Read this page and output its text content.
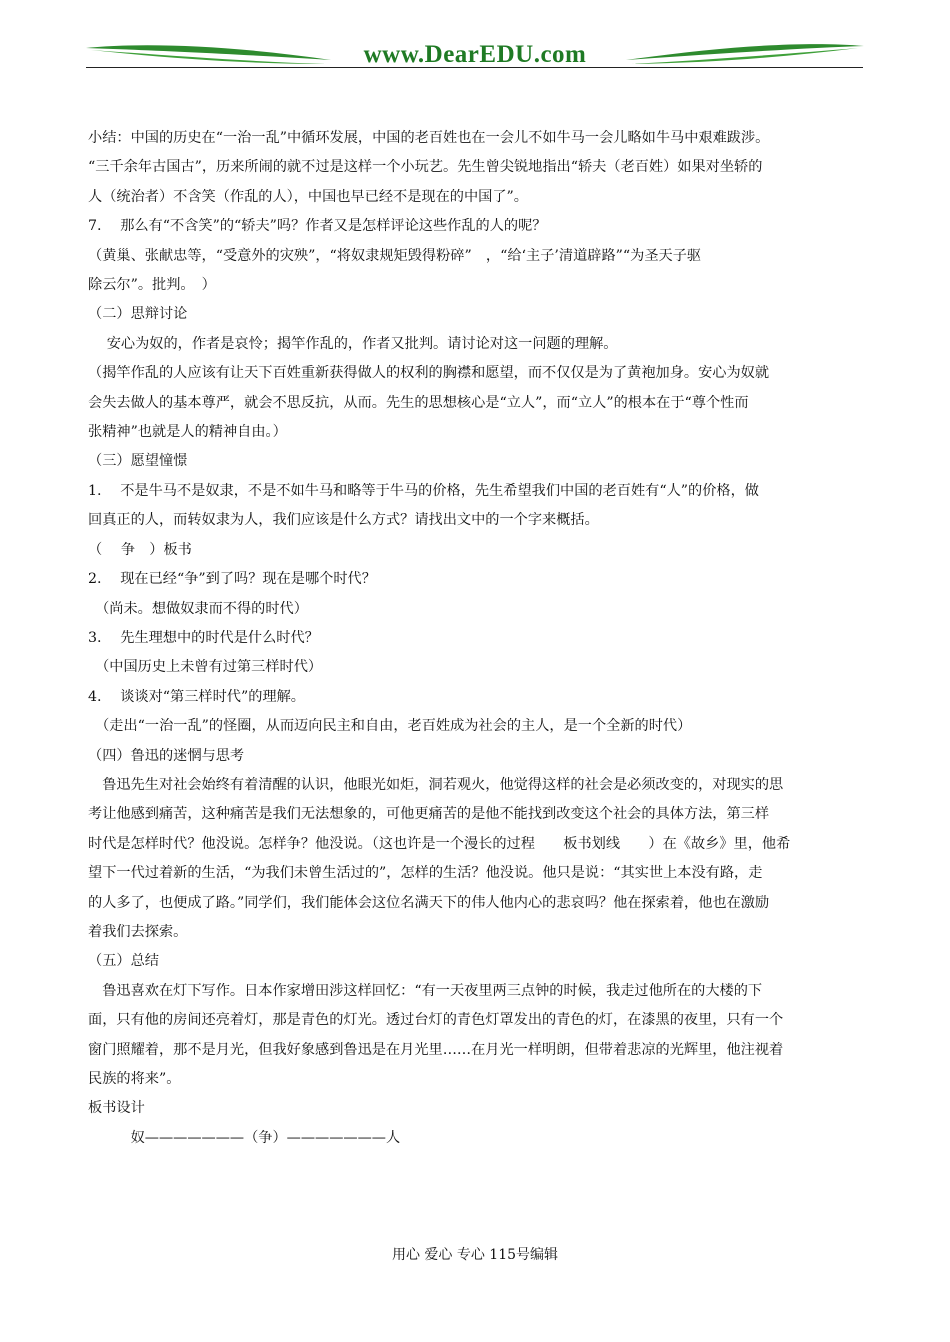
www.DearEDU.com
小结：中国的历史在“一治一乱”中循环发展，中国的老百姓也在一会儿不如牛马一会儿略如牛马中艰难跋涉。
“三千余年古国古”，历来所闹的就不过是这样一个小玩艺。先生曾尖锐地指出“轿夫（老百姓）如果对坐轿的
人（统治者）不含笑（作乱的人），中国也早已经不是现在的中国了”。
7.　 那么有“不含笑”的“轿夫”吗？作者又是怎样评论这些作乱的人的呢？
（黄巢、张献忠等，“受意外的灾殃”，“将奴隶规矩毁得粉碎”　，“给‘主子’清道辟路”“为圣天子驱
除云尔”。批判。　）
（二）思辩讨论
　 安心为奴的，作者是哀怜；揭竿作乱的，作者又批判。请讨论对这一问题的理解。
（揭竿作乱的人应该有让天下百姓重新获得做人的权利的胸襟和愿望，而不仅仅是为了黄袍加身。安心为奴就
会失去做人的基本尊严，就会不思反抗，从而。先生的思想核心是“立人”，而“立人”的根本在于“尊个性而
张精神”也就是人的精神自由。）
（三）愿望憧憬
1.　 不是牛马不是奴隶，不是不如牛马和略等于牛马的价格，先生希望我们中国的老百姓有“人”的价格，做
回真正的人，而转奴隶为人，我们应该是什么方式？请找出文中的一个字来概括。
（　 争　）板书
2.　 现在已经“争”到了吗？现在是哪个时代？
　（尚未。想做奴隶而不得的时代）
3.　 先生理想中的时代是什么时代？
　（中国历史上未曾有过第三样时代）
4.　 谈谈对“第三样时代”的理解。
　（走出“一治一乱”的怪圈，从而迈向民主和自由，老百姓成为社会的主人，是一个全新的时代）
（四）鲁迅的迷惘与思考
　鲁迅先生对社会始终有着清醒的认识，他眼光如炬，洞若观火，他觉得这样的社会是必须改变的，对现实的思
考让他感到痛苦，这种痛苦是我们无法想象的，可他更痛苦的是他不能找到改变这个社会的具体方法，第三样
时代是怎样时代？他没说。怎样争？他没说。（这也许是一个漫长的过程　　板书划线　　）在《故乡》里，他希
望下一代过着新的生活，“为我们未曾生活过的”，怎样的生活？他没说。他只是说：“其实世上本没有路，走
的人多了，也便成了路。”同学们，我们能体会这位名满天下的伟人他内心的悲哀吗？他在探索着，他也在激励
着我们去探索。
（五）总结
　鲁迅喜欢在灯下写作。日本作家增田涉这样回忆：“有一天夜里两三点钟的时候，我走过他所在的大楼的下
面，只有他的房间还亮着灯，那是青色的灯光。透过台灯的青色灯罩发出的青色的灯，在漆黑的夜里，只有一个
窗门照耀着，那不是月光，但我好象感到鲁迅是在月光里……在月光一样明朗，但带着悲凉的光辉里，他注视着
民族的将来”。
板书设计
　　　奴———————（争）———————人
用心 爱心 专心 115号编辑
